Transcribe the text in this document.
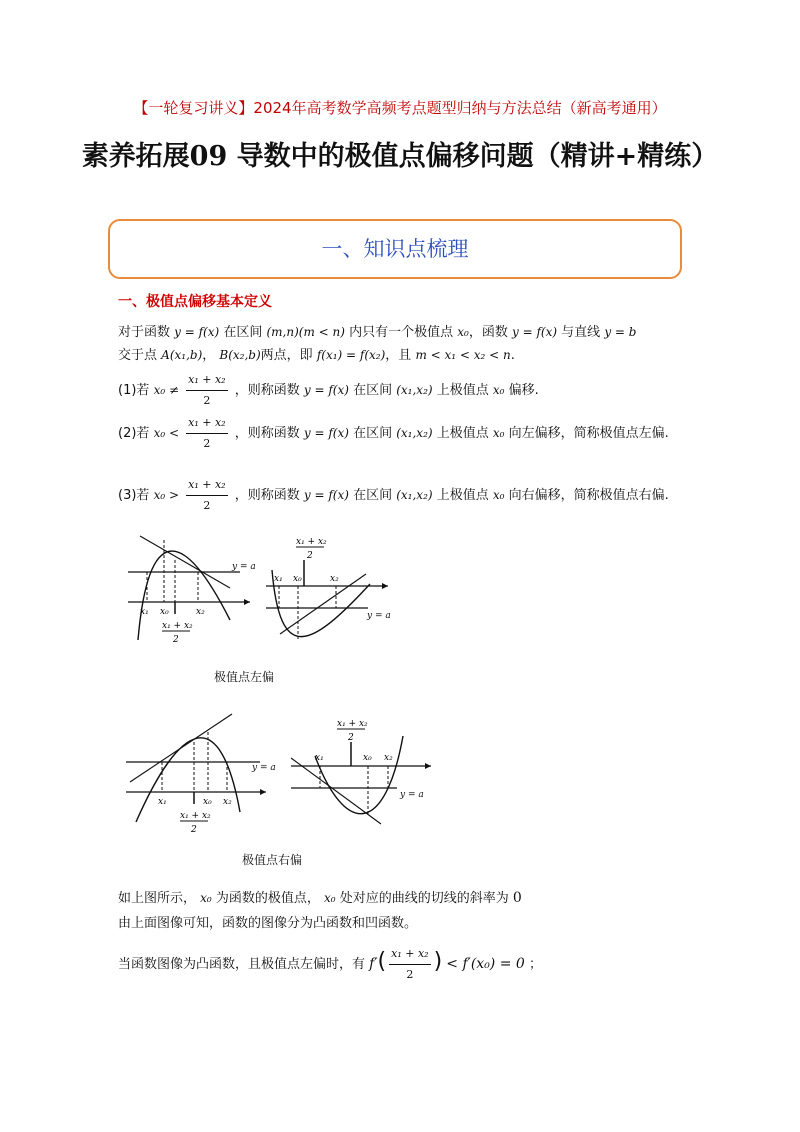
【一轮复习讲义】2024年高考数学高频考点题型归纳与方法总结（新高考通用）
素养拓展09 导数中的极值点偏移问题（精讲+精练）
一、知识点梳理
一、极值点偏移基本定义
对于函数 y = f(x) 在区间 (m,n)(m < n) 内只有一个极值点 x₀，函数 y = f(x) 与直线 y = b
交于点 A(x₁,b)， B(x₂,b)两点，即 f(x₁) = f(x₂)，且 m < x₁ < x₂ < n.
(1)若 $x_0 \ne \frac{\text{x₁ + x₂}}{2}$ ，则称函数 y = f(x) 在区间 (x₁,x₂) 上极值点 x₀ 偏移.
(2)若 $x_0 < \frac{\text{x₁ + x₂}}{2}$ ，则称函数 y = f(x) 在区间 (x₁,x₂) 上极值点 x₀ 向左偏移，简称极值点左偏.
(3)若 $x_0 > \frac{\text{x₁ + x₂}}{2}$ ，则称函数 y = f(x) 在区间 (x₁,x₂) 上极值点 x₀ 向右偏移，简称极值点右偏.
x₁ x₀	x₂
x₁ + x₂
2
y = a
x₁ + x₂
2
x₁ x₀	x₂
y = a
极值点左偏
x₁	x₀ x₂
x₁ + x₂
2
y = a
x₁ + x₂
2
x₁	x₀ x₂
y = a
极值点右偏
如上图所示， x₀ 为函数的极值点， x₀ 处对应的曲线的切线的斜率为 0
由上面图像可知，函数的图像分为凸函数和凹函数。
当函数图像为凸函数，且极值点左偏时，有 $f'( \frac{\text{x₁ + x₂}}{2}$ ) < f′(x₀) = 0 ；
